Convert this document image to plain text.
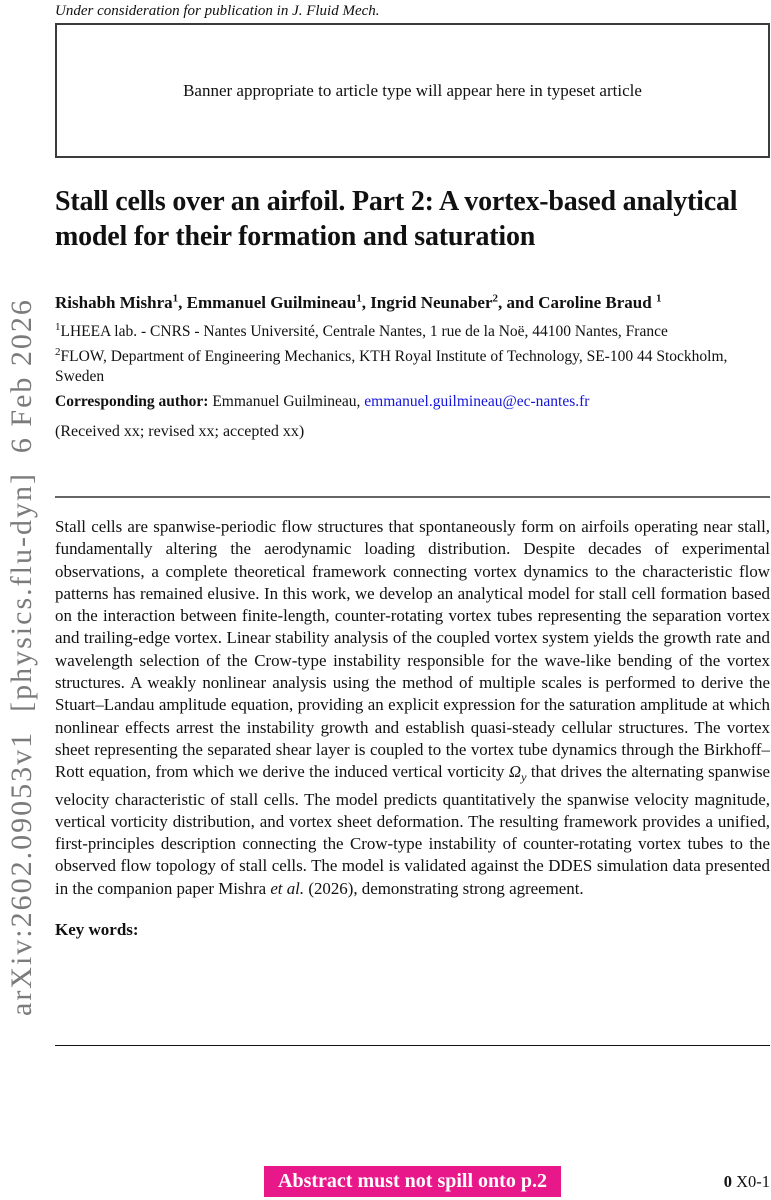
arXiv:2602.09053v1  [physics.flu-dyn]  6 Feb 2026
Under consideration for publication in J. Fluid Mech.
Banner appropriate to article type will appear here in typeset article
Stall cells over an airfoil. Part 2: A vortex-based analytical model for their formation and saturation
Rishabh Mishra$^1$, Emmanuel Guilmineau$^1$, Ingrid Neunaber$^2$, and Caroline Braud $^1$
$^1$LHEEA lab. - CNRS - Nantes Université, Centrale Nantes, 1 rue de la Noë, 44100 Nantes, France
$^2$FLOW, Department of Engineering Mechanics, KTH Royal Institute of Technology, SE-100 44 Stockholm, Sweden
Corresponding author: Emmanuel Guilmineau, emmanuel.guilmineau@ec-nantes.fr
(Received xx; revised xx; accepted xx)

Stall cells are spanwise-periodic flow structures that spontaneously form on airfoils operating near stall, fundamentally altering the aerodynamic loading distribution. Despite decades of experimental observations, a complete theoretical framework connecting vortex dynamics to the characteristic flow patterns has remained elusive. In this work, we develop an analytical model for stall cell formation based on the interaction between finite-length, counter-rotating vortex tubes representing the separation vortex and trailing-edge vortex. Linear stability analysis of the coupled vortex system yields the growth rate and wavelength selection of the Crow-type instability responsible for the wave-like bending of the vortex structures. A weakly nonlinear analysis using the method of multiple scales is performed to derive the Stuart–Landau amplitude equation, providing an explicit expression for the saturation amplitude at which nonlinear effects arrest the instability growth and establish quasi-steady cellular structures. The vortex sheet representing the separated shear layer is coupled to the vortex tube dynamics through the Birkhoff–Rott equation, from which we derive the induced vertical vorticity $\Omega_y$ that drives the alternating spanwise velocity characteristic of stall cells. The model predicts quantitatively the spanwise velocity magnitude, vertical vorticity distribution, and vortex sheet deformation. The resulting framework provides a unified, first-principles description connecting the Crow-type instability of counter-rotating vortex tubes to the observed flow topology of stall cells. The model is validated against the DDES simulation data presented in the companion paper Mishra et al. (2026), demonstrating strong agreement.

Key words:
Abstract must not spill onto p.2	0 X0-1
